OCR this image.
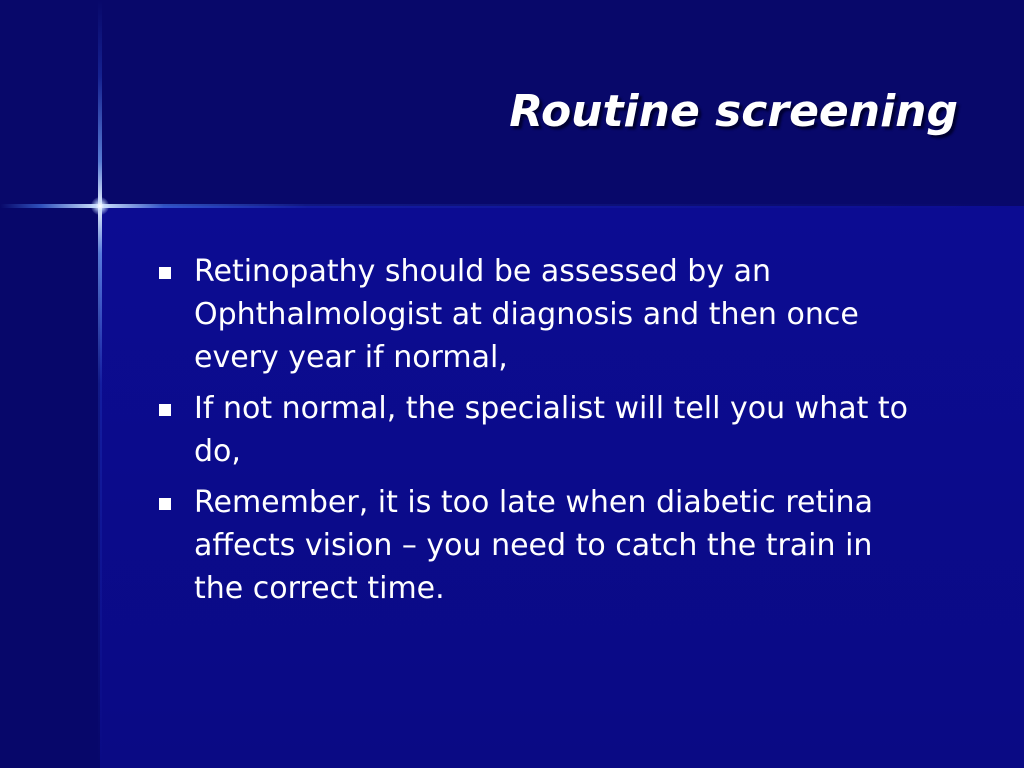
Routine screening
Retinopathy should be assessed by an Ophthalmologist at diagnosis and then once every year if normal,
If not normal, the specialist will tell you what to do,
Remember, it is too late when diabetic retina affects vision – you need to catch the train in the correct time.
